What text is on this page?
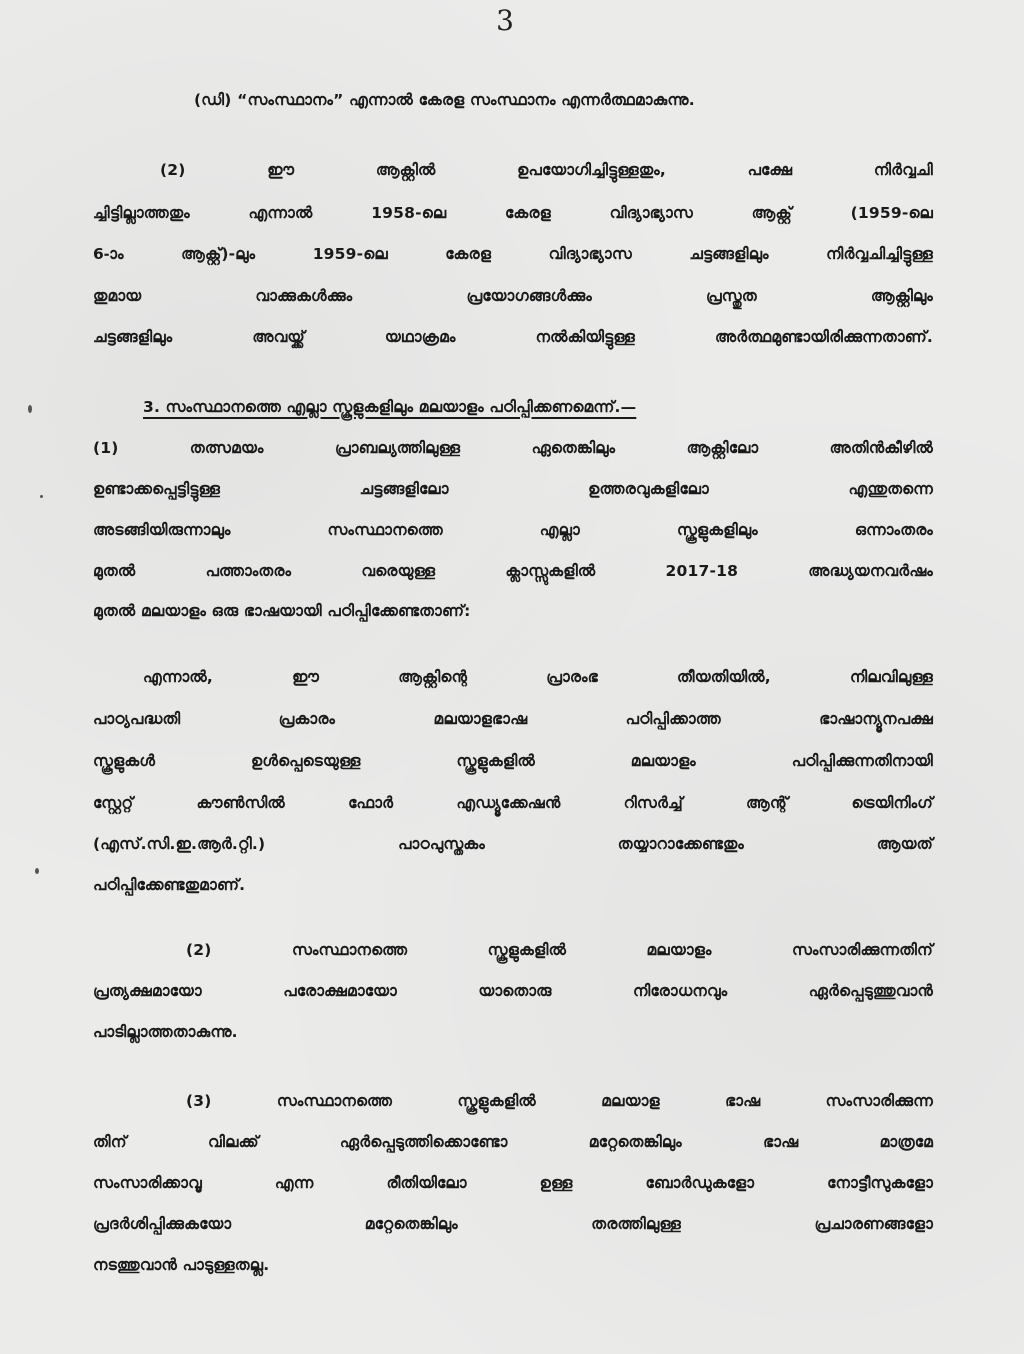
3
(ഡി) “സംസ്ഥാനം” എന്നാൽ കേരള സംസ്ഥാനം എന്നർത്ഥമാകുന്നു.
(2) ഈ ആക്റ്റിൽ ഉപയോഗിച്ചിട്ടുള്ളതും, പക്ഷേ നിർവ്വചി
ച്ചിട്ടില്ലാത്തതും എന്നാൽ 1958-ലെ കേരള വിദ്യാഭ്യാസ ആക്റ്റ് (1959-ലെ
6-ാം ആക്റ്റ്)-ലും 1959-ലെ കേരള വിദ്യാഭ്യാസ ചട്ടങ്ങളിലും നിർവ്വചിച്ചിട്ടുള്ള
തുമായ വാക്കുകൾക്കും പ്രയോഗങ്ങൾക്കും പ്രസ്തുത ആക്റ്റിലും
ചട്ടങ്ങളിലും അവയ്ക്ക് യഥാക്രമം നൽകിയിട്ടുള്ള അർത്ഥമുണ്ടായിരിക്കുന്നതാണ്.
3. സംസ്ഥാനത്തെ എല്ലാ സ്കൂളുകളിലും മലയാളം പഠിപ്പിക്കണമെന്ന്.—
(1) തത്സമയം പ്രാബല്യത്തിലുള്ള ഏതെങ്കിലും ആക്റ്റിലോ അതിൻകീഴിൽ
ഉണ്ടാക്കപ്പെട്ടിട്ടുള്ള ചട്ടങ്ങളിലോ ഉത്തരവുകളിലോ എന്തുതന്നെ
അടങ്ങിയിരുന്നാലും സംസ്ഥാനത്തെ എല്ലാ സ്കൂളുകളിലും ഒന്നാംതരം
മുതൽ പത്താംതരം വരെയുള്ള ക്ലാസ്സുകളിൽ 2017-18 അദ്ധ്യയനവർഷം
മുതൽ മലയാളം ഒരു ഭാഷയായി പഠിപ്പിക്കേണ്ടതാണ്:
എന്നാൽ, ഈ ആക്റ്റിന്റെ പ്രാരംഭ തീയതിയിൽ, നിലവിലുള്ള
പാഠ്യപദ്ധതി പ്രകാരം മലയാളഭാഷ പഠിപ്പിക്കാത്ത ഭാഷാന്യൂനപക്ഷ
സ്കൂളുകൾ ഉൾപ്പെടെയുള്ള സ്കൂളുകളിൽ മലയാളം പഠിപ്പിക്കുന്നതിനായി
സ്റ്റേറ്റ് കൗൺസിൽ ഫോർ എഡ്യൂക്കേഷൻ റിസർച്ച് ആന്റ് ട്രെയിനിംഗ്
(എസ്.സി.ഇ.ആർ.റ്റി.) പാഠപുസ്തകം തയ്യാറാക്കേണ്ടതും ആയത്
പഠിപ്പിക്കേണ്ടതുമാണ്.
(2) സംസ്ഥാനത്തെ സ്കൂളുകളിൽ മലയാളം സംസാരിക്കുന്നതിന്
പ്രത്യക്ഷമായോ പരോക്ഷമായോ യാതൊരു നിരോധനവും ഏർപ്പെടുത്തുവാൻ
പാടില്ലാത്തതാകുന്നു.
(3) സംസ്ഥാനത്തെ സ്കൂളുകളിൽ മലയാള ഭാഷ സംസാരിക്കുന്ന
തിന് വിലക്ക് ഏർപ്പെടുത്തിക്കൊണ്ടോ മറ്റേതെങ്കിലും ഭാഷ മാത്രമേ
സംസാരിക്കാവൂ എന്ന രീതിയിലോ ഉള്ള ബോർഡുകളോ നോട്ടീസുകളോ
പ്രദർശിപ്പിക്കുകയോ മറ്റേതെങ്കിലും തരത്തിലുള്ള പ്രചാരണങ്ങളോ
നടത്തുവാൻ പാടുള്ളതല്ല.
